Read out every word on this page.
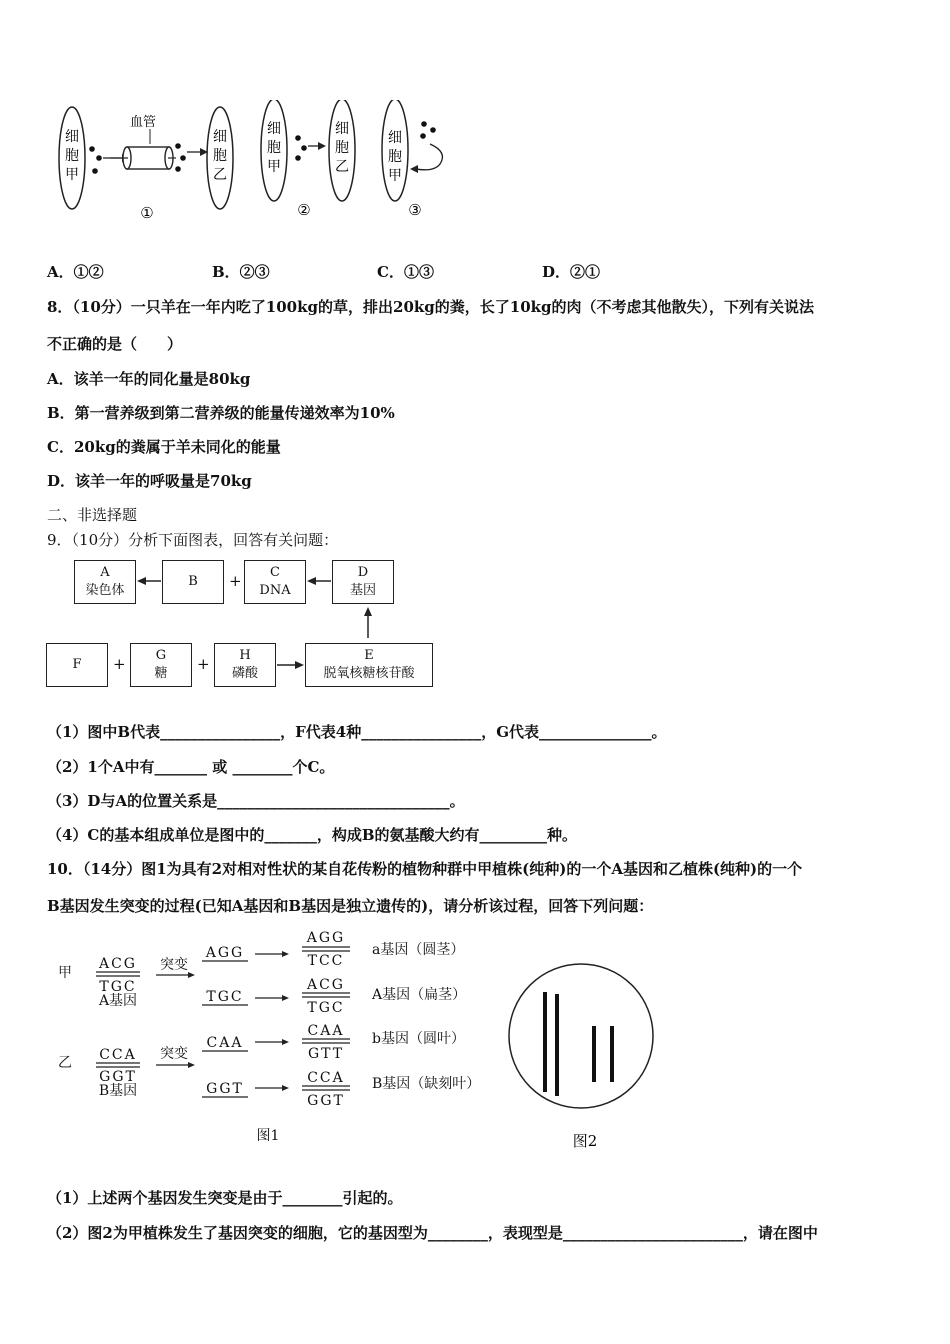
细
胞
甲
血管
细
胞
乙
①
细
胞
甲
细
胞
乙
②
细
胞
甲
③
A．①②	B．②③	C．①③	D．②①
8．（10分）一只羊在一年内吃了100kg的草，排出20kg的粪，长了10kg的肉（不考虑其他散失），下列有关说法
不正确的是（　　）
A．该羊一年的同化量是80kg
B．第一营养级到第二营养级的能量传递效率为10%
C．20kg的粪属于羊未同化的能量
D．该羊一年的呼吸量是70kg
二、非选择题
9．（10分）分析下面图表，回答有关问题：
A
染色体
B + C
DNA
D
基因
F + G
糖
+ H
磷酸
E
脱氧核糖核苷酸
（1）图中B代表________________，F代表4种________________，G代表_______________。
（2）1个A中有_______ 或 ________个C。
（3）D与A的位置关系是_______________________________。
（4）C的基本组成单位是图中的_______，构成B的氨基酸大约有_________种。
10．（14分）图1为具有2对相对性状的某自花传粉的植物种群中甲植株(纯种)的一个A基因和乙植株(纯种)的一个
B基因发生突变的过程(已知A基因和B基因是独立遗传的)，请分析该过程，回答下列问题：
甲
乙
ACG
TGC
A基因
突变
AGG
AGG
TCC
a基因（圆茎）
TGC
ACG
TGC
A基因（扁茎）
CCA
GGT
B基因
突变
CAA
CAA
GTT
b基因（圆叶）
GGT
CCA
GGT
B基因（缺刻叶）
图1	图2
（1）上述两个基因发生突变是由于________引起的。
（2）图2为甲植株发生了基因突变的细胞，它的基因型为________，表现型是________________________，请在图中
